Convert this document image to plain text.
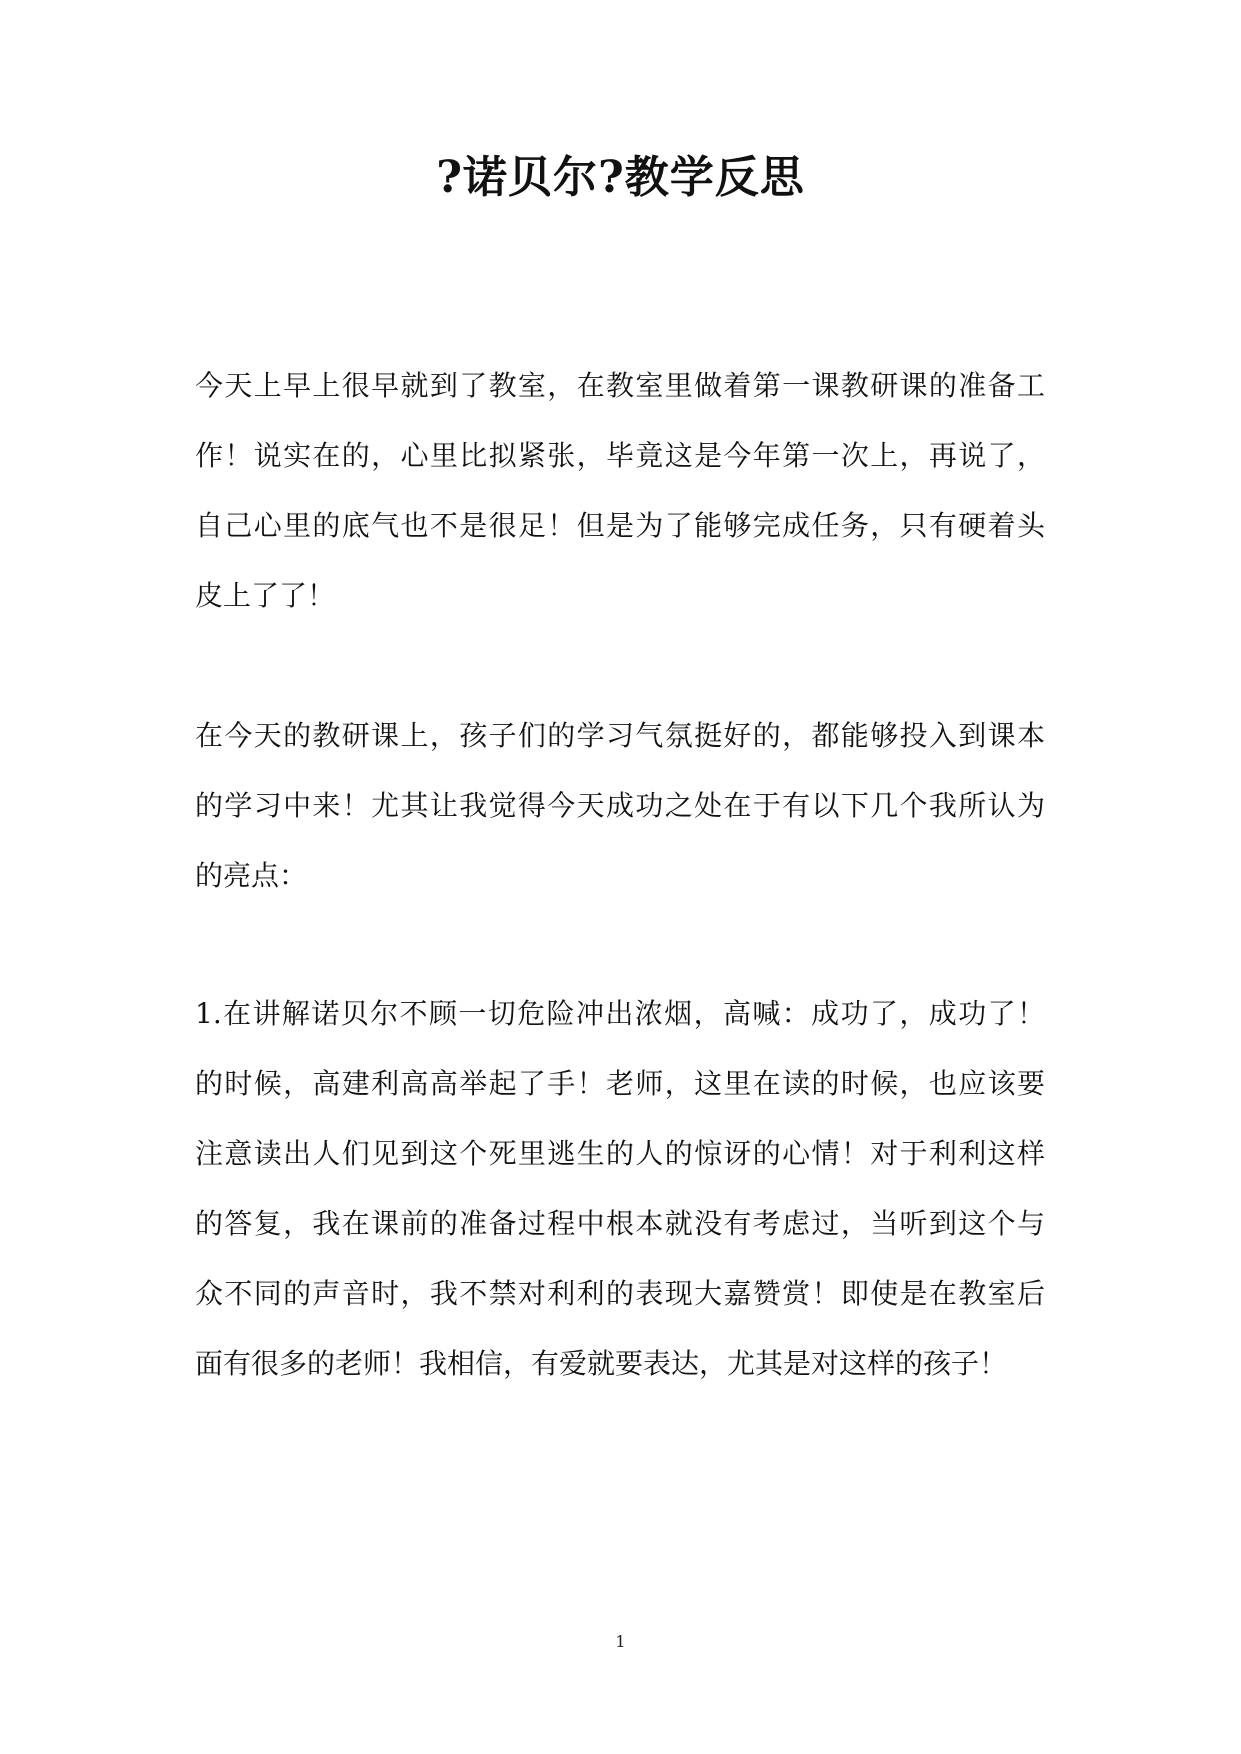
?诺贝尔?教学反思
今天上早上很早就到了教室，在教室里做着第一课教研课的准备工
作！说实在的，心里比拟紧张，毕竟这是今年第一次上，再说了，
自己心里的底气也不是很足！但是为了能够完成任务，只有硬着头
皮上了了！
在今天的教研课上，孩子们的学习气氛挺好的，都能够投入到课本
的学习中来！尤其让我觉得今天成功之处在于有以下几个我所认为
的亮点：
1.在讲解诺贝尔不顾一切危险冲出浓烟，高喊：成功了，成功了！
的时候，高建利高高举起了手！老师，这里在读的时候，也应该要
注意读出人们见到这个死里逃生的人的惊讶的心情！对于利利这样
的答复，我在课前的准备过程中根本就没有考虑过，当听到这个与
众不同的声音时，我不禁对利利的表现大嘉赞赏！即使是在教室后
面有很多的老师！我相信，有爱就要表达，尤其是对这样的孩子！
1
